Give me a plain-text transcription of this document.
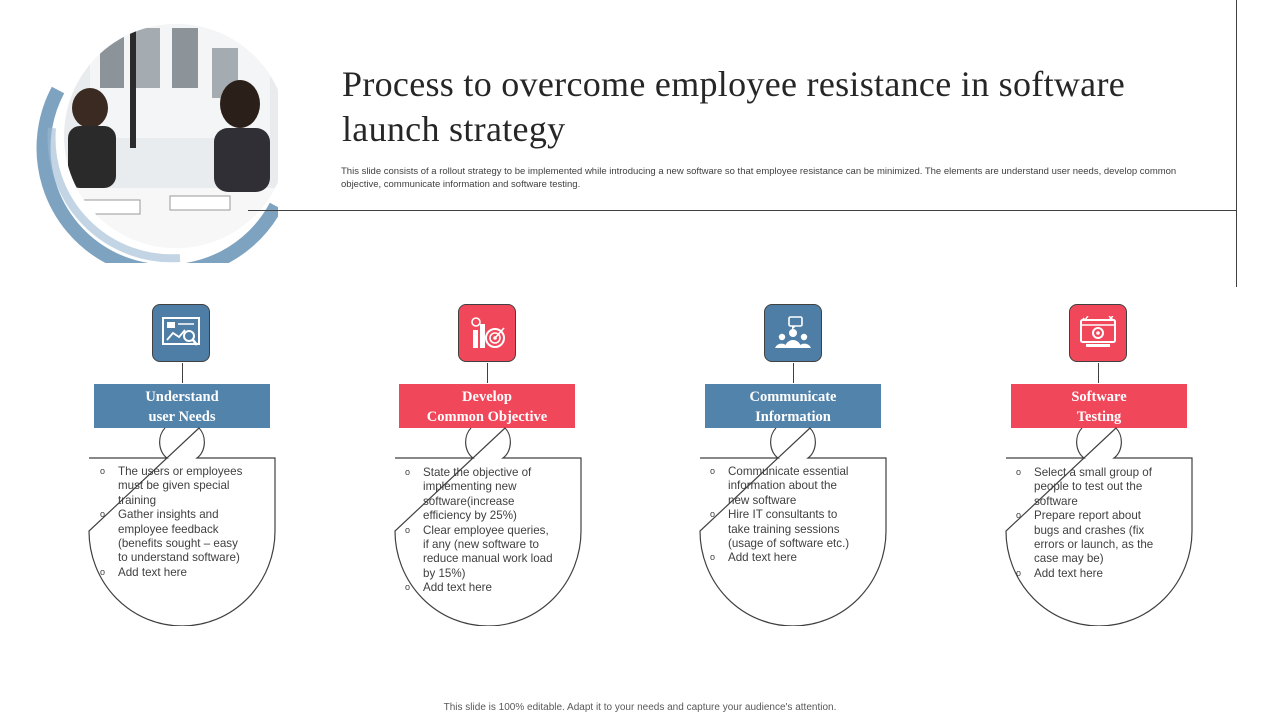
Process to overcome employee resistance in software launch strategy
This slide consists of a rollout strategy to be implemented while introducing a new software so that employee resistance can be minimized. The elements are understand user needs, develop common objective, communicate information and software testing.
Understand
user Needs
o The users or employees must be given special training
o Gather insights and employee feedback (benefits sought – easy to understand software)
o Add text here
Develop
Common Objective
o State the objective of implementing new software(increase efficiency by 25%)
o Clear employee queries, if any (new software to reduce manual work load by 15%)
o Add text here
Communicate
Information
o Communicate essential information about the new software
o Hire IT consultants to take training sessions (usage of software etc.)
o Add text here
Software
Testing
o Select a small group of people to test out the software
o Prepare report about bugs and crashes (fix errors or launch, as the case may be)
o Add text here
This slide is 100% editable. Adapt it to your needs and capture your audience's attention.
